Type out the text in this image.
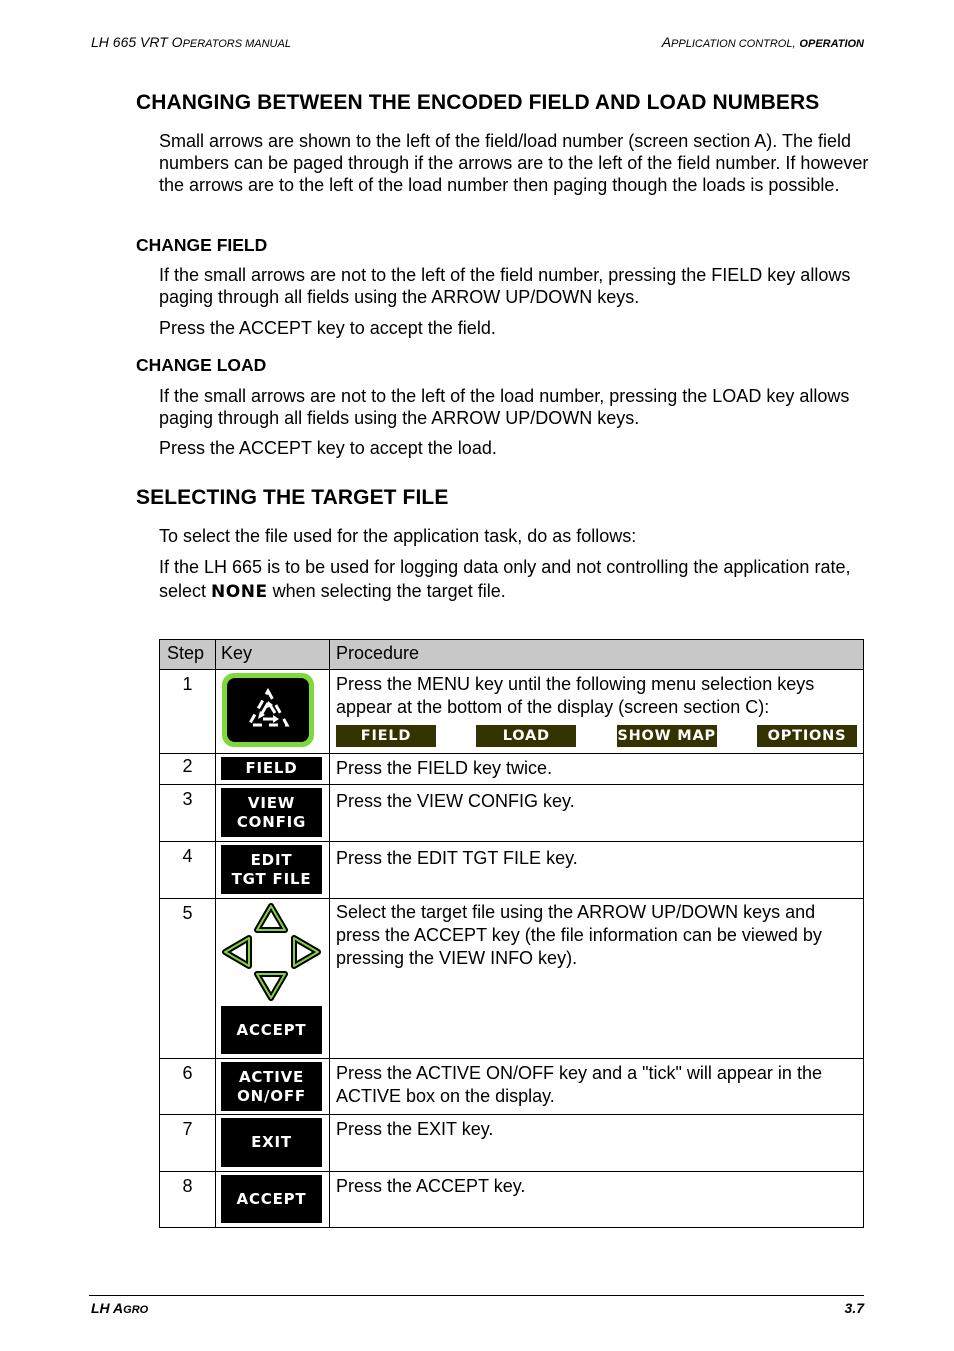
LH 665 VRT OPERATORS MANUAL	APPLICATION CONTROL, OPERATION
CHANGING BETWEEN THE ENCODED FIELD AND LOAD NUMBERS

Small arrows are shown to the left of the field/load number (screen section A). The field numbers can be paged through if the arrows are to the left of the field number. If however the arrows are to the left of the load number then paging though the loads is possible.

CHANGE FIELD

If the small arrows are not to the left of the field number, pressing the FIELD key allows paging through all fields using the ARROW UP/DOWN keys.

Press the ACCEPT key to accept the field.

CHANGE LOAD

If the small arrows are not to the left of the load number, pressing the LOAD key allows paging through all fields using the ARROW UP/DOWN keys.

Press the ACCEPT key to accept the load.

SELECTING THE TARGET FILE

To select the file used for the application task, do as follows:

If the LH 665 is to be used for logging data only and not controlling the application rate, select NONE when selecting the target file.

Step	Key	Procedure
1		Press the MENU key until the following menu selection keys appear at the bottom of the display (screen section C):
FIELD LOAD SHOW MAP OPTIONS

2	FIELD	Press the FIELD key twice.
3	VIEW
CONFIG	Press the VIEW CONFIG key.
4	EDIT
TGT FILE	Press the EDIT TGT FILE key.
5	ACCEPT	Select the target file using the ARROW UP/DOWN keys and press the ACCEPT key (the file information can be viewed by pressing the VIEW INFO key).
6	ACTIVE
ON/OFF	Press the ACTIVE ON/OFF key and a "tick" will appear in the ACTIVE box on the display.
7	EXIT	Press the EXIT key.
8	ACCEPT	Press the ACCEPT key.
LH AGRO	3.7
